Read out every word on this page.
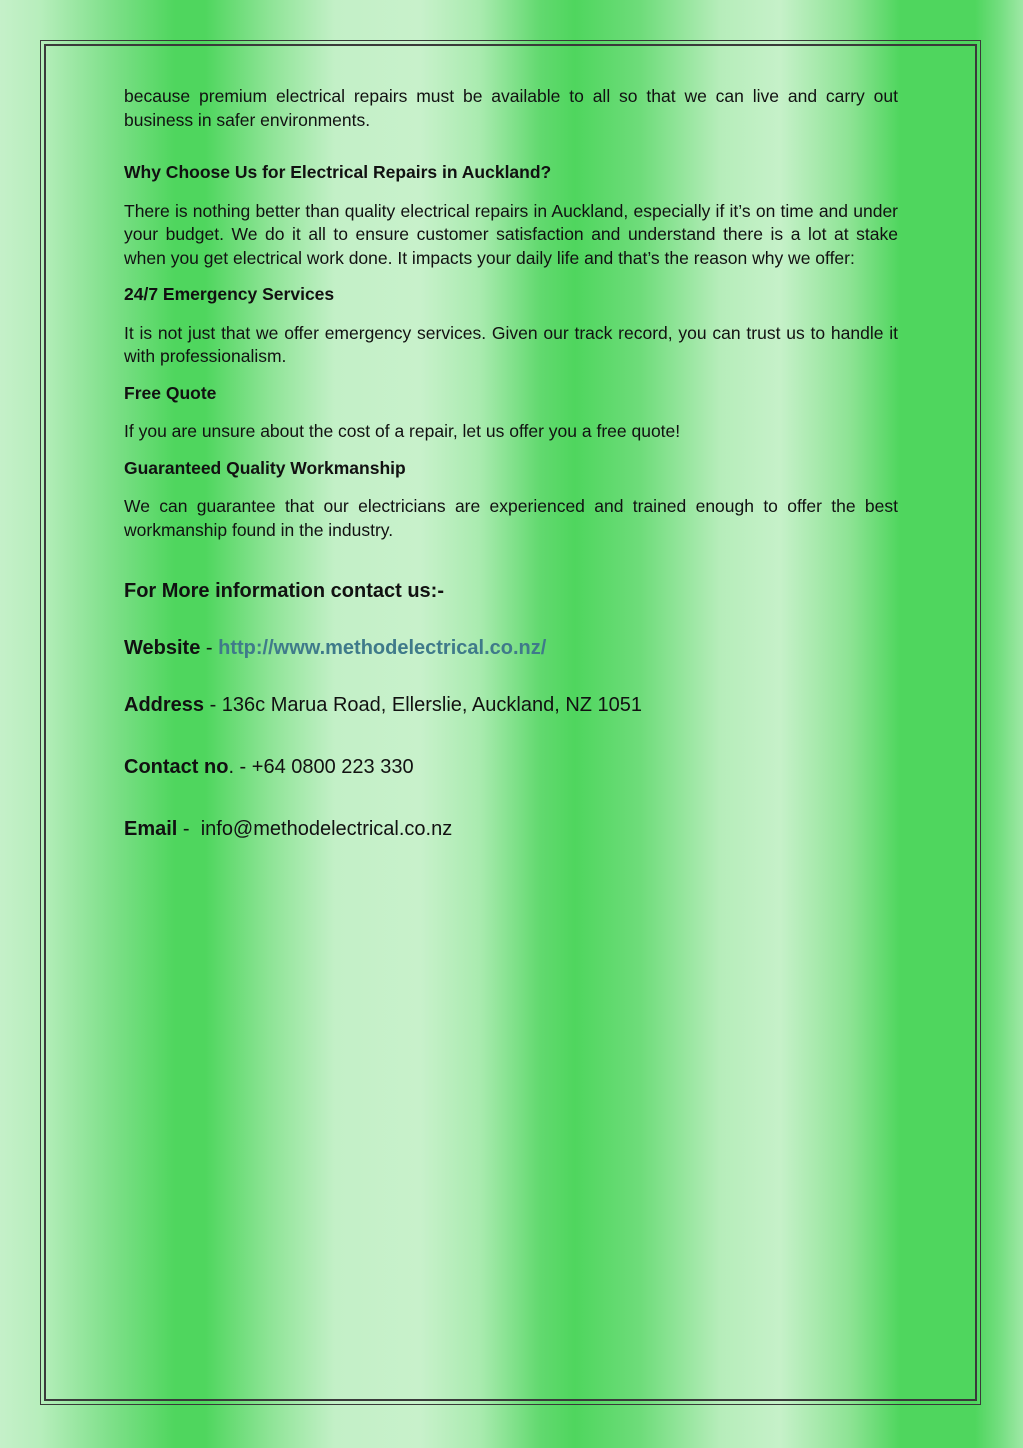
because premium electrical repairs must be available to all so that we can live and carry out business in safer environments.

Why Choose Us for Electrical Repairs in Auckland?

There is nothing better than quality electrical repairs in Auckland, especially if it’s on time and under your budget. We do it all to ensure customer satisfaction and understand there is a lot at stake when you get electrical work done. It impacts your daily life and that’s the reason why we offer:

24/7 Emergency Services

It is not just that we offer emergency services. Given our track record, you can trust us to handle it with professionalism.

Free Quote

If you are unsure about the cost of a repair, let us offer you a free quote!

Guaranteed Quality Workmanship

We can guarantee that our electricians are experienced and trained enough to offer the best workmanship found in the industry.

For More information contact us:-

Website - http://www.methodelectrical.co.nz/

Address - 136c Marua Road, Ellerslie, Auckland, NZ 1051

Contact no. - +64 0800 223 330

Email -  info@methodelectrical.co.nz
